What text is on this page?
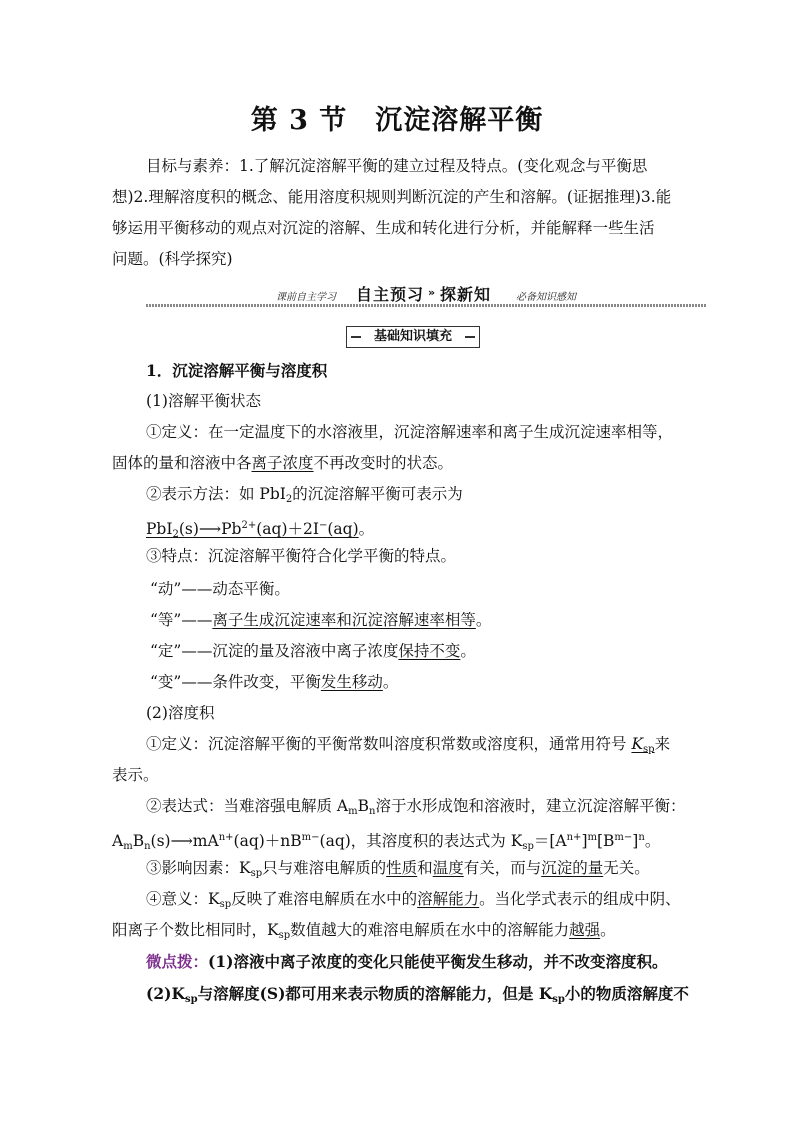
第 3 节　沉淀溶解平衡
目标与素养：1.了解沉淀溶解平衡的建立过程及特点。(变化观念与平衡思
想)2.理解溶度积的概念、能用溶度积规则判断沉淀的产生和溶解。(证据推理)3.能
够运用平衡移动的观点对沉淀的溶解、生成和转化进行分析，并能解释一些生活
问题。(科学探究)
课前自主学习 自主预习 » 探新知 必备知识感知
基础知识填充
1．沉淀溶解平衡与溶度积
(1)溶解平衡状态
①定义：在一定温度下的水溶液里，沉淀溶解速率和离子生成沉淀速率相等，
固体的量和溶液中各离子浓度不再改变时的状态。
②表示方法：如 PbI$_2$的沉淀溶解平衡可表示为
$PbI_2(s)⟶Pb^{2+}(aq)+2I^-(aq)$。
③特点：沉淀溶解平衡符合化学平衡的特点。
“动”——动态平衡。
“等”——离子生成沉淀速率和沉淀溶解速率相等。
“定”——沉淀的量及溶液中离子浓度保持不变。
“变”——条件改变，平衡发生移动。
(2)溶度积
①定义：沉淀溶解平衡的平衡常数叫溶度积常数或溶度积，通常用符号 $K_{sp}$来
表示。
②表达式：当难溶强电解质 $A_mB_n$溶于水形成饱和溶液时，建立沉淀溶解平衡：
$A_mB_n(s)⟶mA^{n+}(aq)+nB^{m-}(aq)$，其溶度积的表达式为 $K_{sp}=[A^{n+}]^m[B^{m-}]^n$。
③影响因素：$K_{sp}$只与难溶电解质的性质和温度有关，而与沉淀的量无关。
④意义：$K_{sp}$反映了难溶电解质在水中的溶解能力。当化学式表示的组成中阴、
阳离子个数比相同时，$K_{sp}$数值越大的难溶电解质在水中的溶解能力越强。
微点拨：(1)溶液中离子浓度的变化只能使平衡发生移动，并不改变溶度积。
$(2)K_{sp}$与溶解度(S)都可用来表示物质的溶解能力，但是 $K_{sp}$小的物质溶解度不
